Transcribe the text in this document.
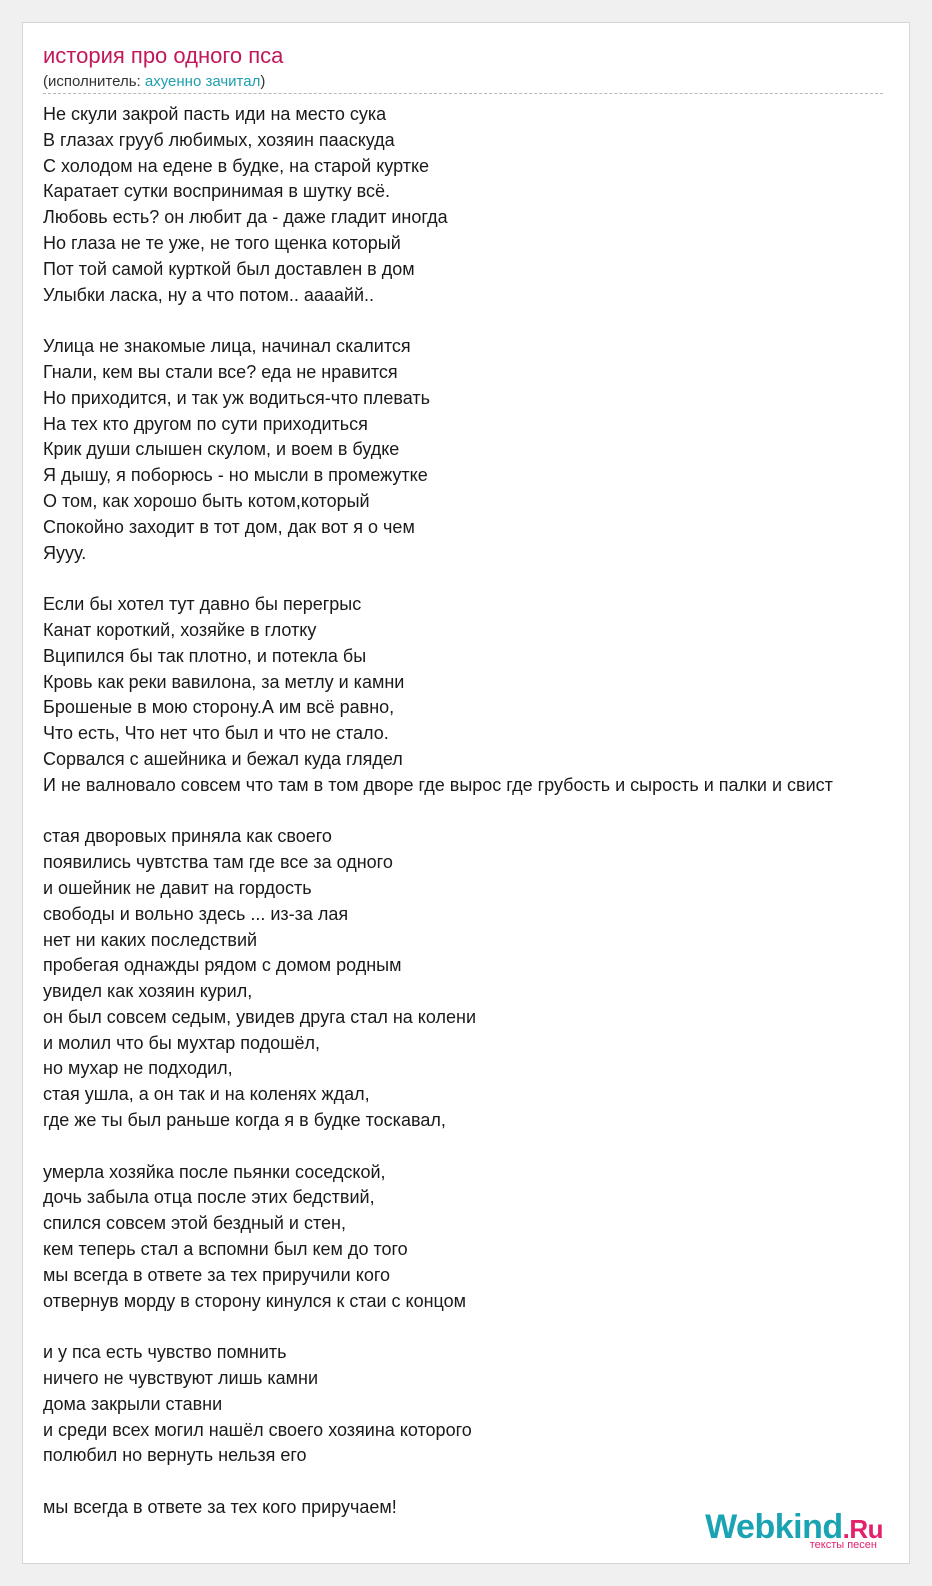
история про одного пса
(исполнитель: ахуенно зачитал)
Не скули закрой пасть иди на место сука
В глазах грууб любимых, хозяин пааскуда
С холодом на едене в будке, на старой куртке
Каратает сутки воспринимая в шутку всё.
Любовь есть? он любит да - даже гладит иногда
Но глаза не те уже, не того щенка который
Пот той самой курткой был доставлен в дом
Улыбки ласка, ну а что потом.. аааайй..
Улица не знакомые лица, начинал скалится
Гнали, кем вы стали все? еда не нравится
Но приходится, и так уж водиться-что плевать
На тех кто другом по сути приходиться
Крик души слышен скулом, и воем в будке
Я дышу, я поборюсь - но мысли в промежутке
О том, как хорошо быть котом,который
Спокойно заходит в тот дом, дак вот я о чем
Яууу.
Если бы хотел тут давно бы перегрыс
Канат короткий, хозяйке в глотку
Вципился бы так плотно, и потекла бы
Кровь как реки вавилона, за метлу и камни
Брошеные в мою сторону.А им всё равно,
Что есть, Что нет что был и что не стало.
Сорвался с ашейника и бежал куда глядел
И не валновало совсем что там в том дворе где вырос где грубость и сырость и палки и свист
стая дворовых приняла как своего
появились чувтства там где все за одного
и ошейник не давит на гордость
свободы и вольно здесь ... из-за лая
нет ни каких последствий
пробегая однажды рядом с домом родным
увидел как хозяин курил,
он был совсем седым, увидев друга стал на колени
и молил что бы мухтар подошёл,
но мухар не подходил,
стая ушла, а он так и на коленях ждал,
где же ты был раньше когда я в будке тоскавал,
умерла хозяйка после пьянки соседской,
дочь забыла отца после этих бедствий,
спился совсем этой бездный и стен,
кем теперь стал а вспомни был кем до того
мы всегда в ответе за тех приручили кого
отвернув морду в сторону кинулся к стаи с концом
и у пса есть чувство помнить
ничего не чувствуют лишь камни
дома закрыли ставни
и среди всех могил нашёл своего хозяина которого
полюбил но вернуть нельзя его
мы всегда в ответе за тех кого приручаем!
Webkind.Ru
тексты песен
